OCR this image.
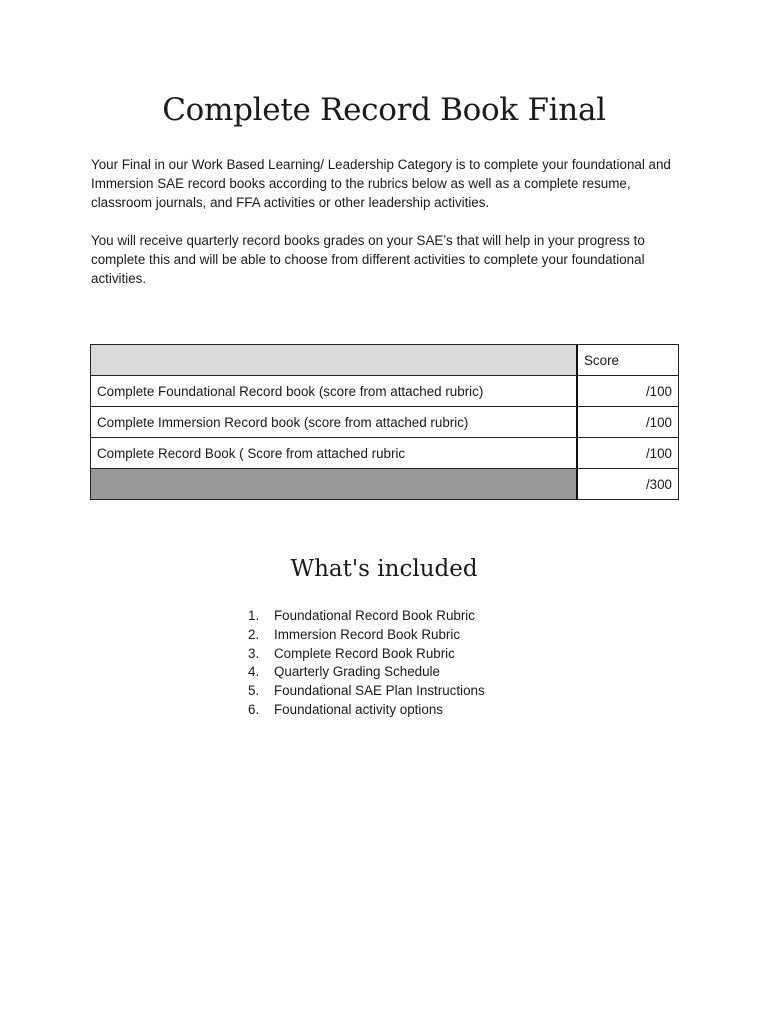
Complete Record Book Final

Your Final in our Work Based Learning/ Leadership Category is to complete your foundational and Immersion SAE record books according to the rubrics below as well as a complete resume, classroom journals, and FFA activities or other leadership activities.

You will receive quarterly record books grades on your SAE’s that will help in your progress to complete this and will be able to choose from different activities to complete your foundational activities.

	Score
Complete Foundational Record book (score from attached rubric)	/100
Complete Immersion Record book (score from attached rubric)	/100
Complete Record Book ( Score from attached rubric	/100
	/300
What's included
1.	Foundational Record Book Rubric
2.	Immersion Record Book Rubric
3.	Complete Record Book Rubric
4.	Quarterly Grading Schedule
5.	Foundational SAE Plan Instructions
6.	Foundational activity options
